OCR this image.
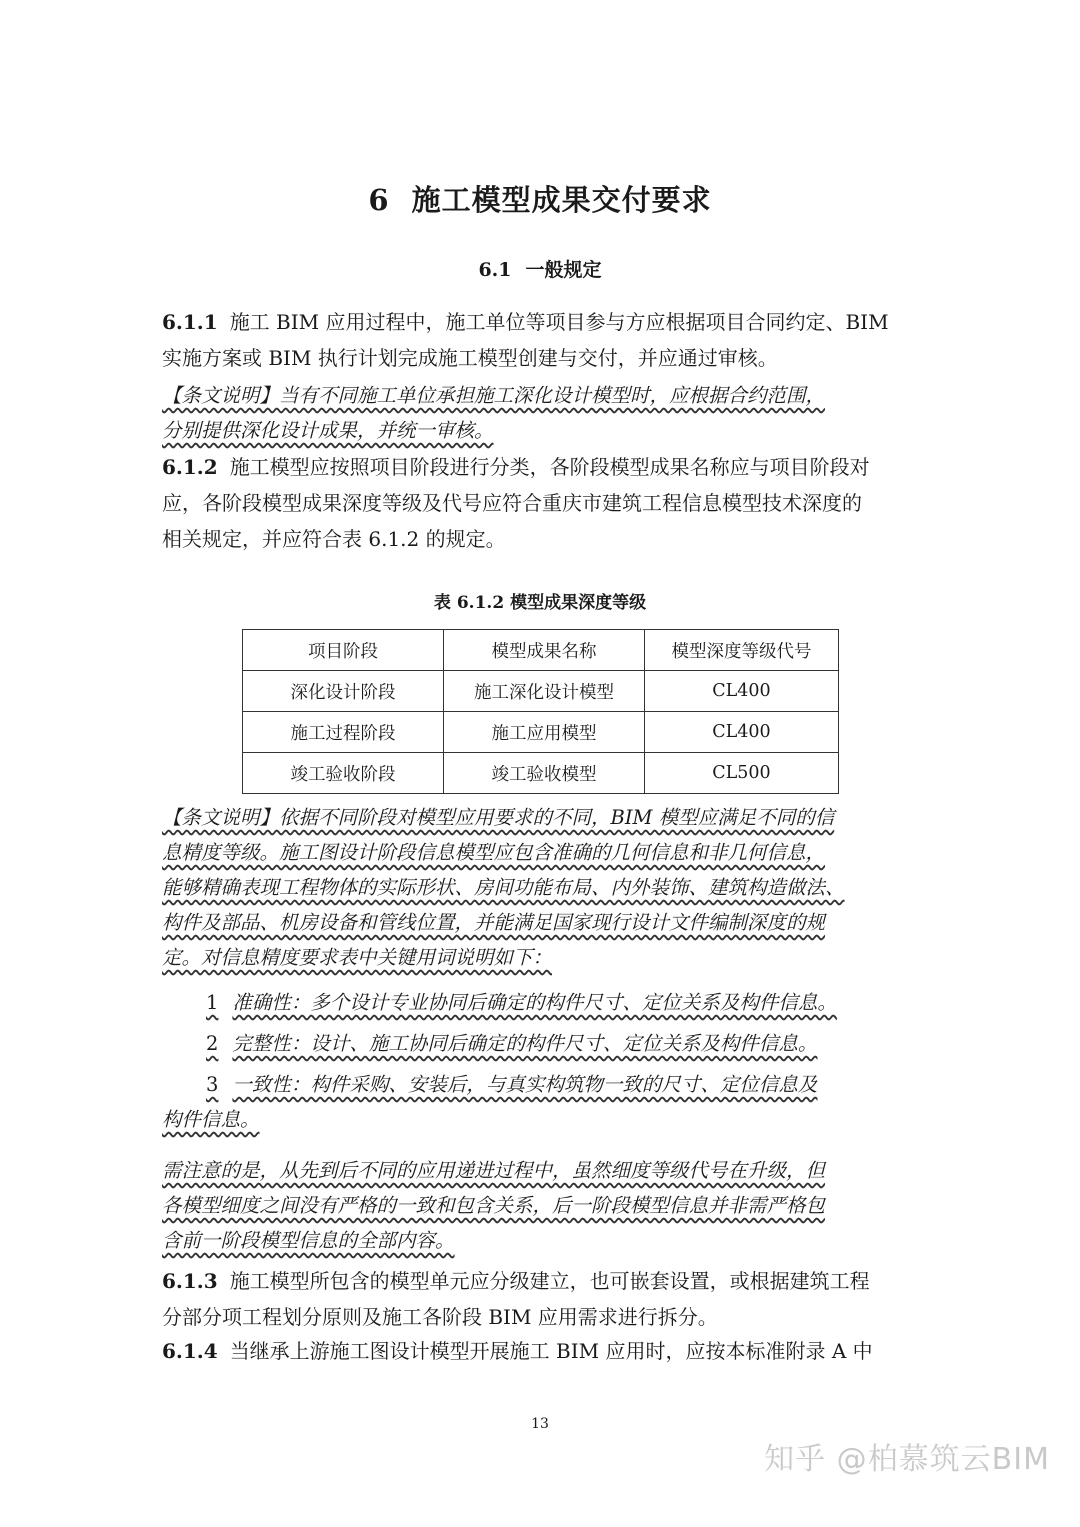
6 施工模型成果交付要求
6.1 一般规定
6.1.1 施工 BIM 应用过程中，施工单位等项目参与方应根据项目合同约定、BIM
实施方案或 BIM 执行计划完成施工模型创建与交付，并应通过审核。
【条文说明】当有不同施工单位承担施工深化设计模型时，应根据合约范围，
分别提供深化设计成果，并统一审核。
6.1.2 施工模型应按照项目阶段进行分类，各阶段模型成果名称应与项目阶段对
应，各阶段模型成果深度等级及代号应符合重庆市建筑工程信息模型技术深度的
相关规定，并应符合表 6.1.2 的规定。
表 6.1.2 模型成果深度等级
项目阶段	模型成果名称	模型深度等级代号
深化设计阶段	施工深化设计模型	CL400
施工过程阶段	施工应用模型	CL400
竣工验收阶段	竣工验收模型	CL500
【条文说明】依据不同阶段对模型应用要求的不同，BIM 模型应满足不同的信
息精度等级。施工图设计阶段信息模型应包含准确的几何信息和非几何信息，
能够精确表现工程物体的实际形状、房间功能布局、内外装饰、建筑构造做法、
构件及部品、机房设备和管线位置，并能满足国家现行设计文件编制深度的规
定。对信息精度要求表中关键用词说明如下：
1 准确性：多个设计专业协同后确定的构件尺寸、定位关系及构件信息。
2 完整性：设计、施工协同后确定的构件尺寸、定位关系及构件信息。
3 一致性：构件采购、安装后，与真实构筑物一致的尺寸、定位信息及
构件信息。
需注意的是，从先到后不同的应用递进过程中，虽然细度等级代号在升级，但
各模型细度之间没有严格的一致和包含关系，后一阶段模型信息并非需严格包
含前一阶段模型信息的全部内容。
6.1.3 施工模型所包含的模型单元应分级建立，也可嵌套设置，或根据建筑工程
分部分项工程划分原则及施工各阶段 BIM 应用需求进行拆分。
6.1.4 当继承上游施工图设计模型开展施工 BIM 应用时，应按本标准附录 A 中
13
知乎 @柏慕筑云BIM
